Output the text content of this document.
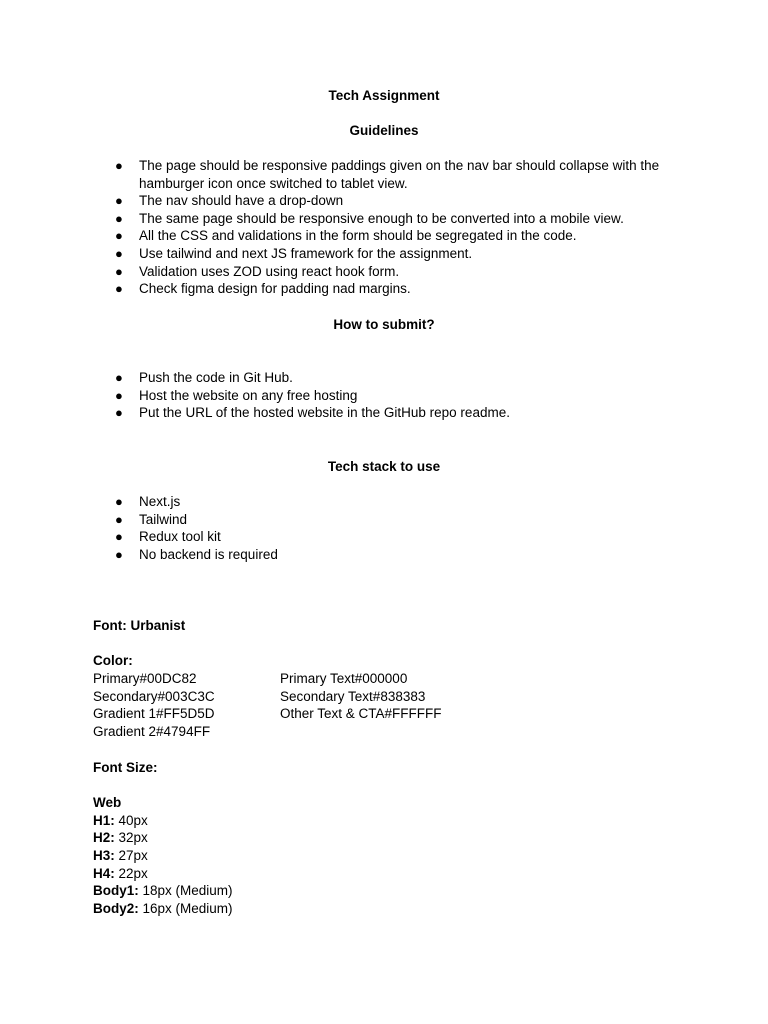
Tech Assignment
Guidelines
● The page should be responsive paddings given on the nav bar should collapse with the hamburger icon once switched to tablet view.
● The nav should have a drop-down
● The same page should be responsive enough to be converted into a mobile view.
● All the CSS and validations in the form should be segregated in the code.
● Use tailwind and next JS framework for the assignment.
● Validation uses ZOD using react hook form.
● Check figma design for padding nad margins.
How to submit?
● Push the code in Git Hub.
● Host the website on any free hosting
● Put the URL of the hosted website in the GitHub repo readme.
Tech stack to use
● Next.js
● Tailwind
● Redux tool kit
● No backend is required
Font: Urbanist
Color:
Primary#00DC82
Secondary#003C3C
Gradient 1#FF5D5D
Gradient 2#4794FF
Primary Text#000000
Secondary Text#838383
Other Text & CTA#FFFFFF
Font Size:
Web
H1: 40px
H2: 32px
H3: 27px
H4: 22px
Body1: 18px (Medium)
Body2: 16px (Medium)
